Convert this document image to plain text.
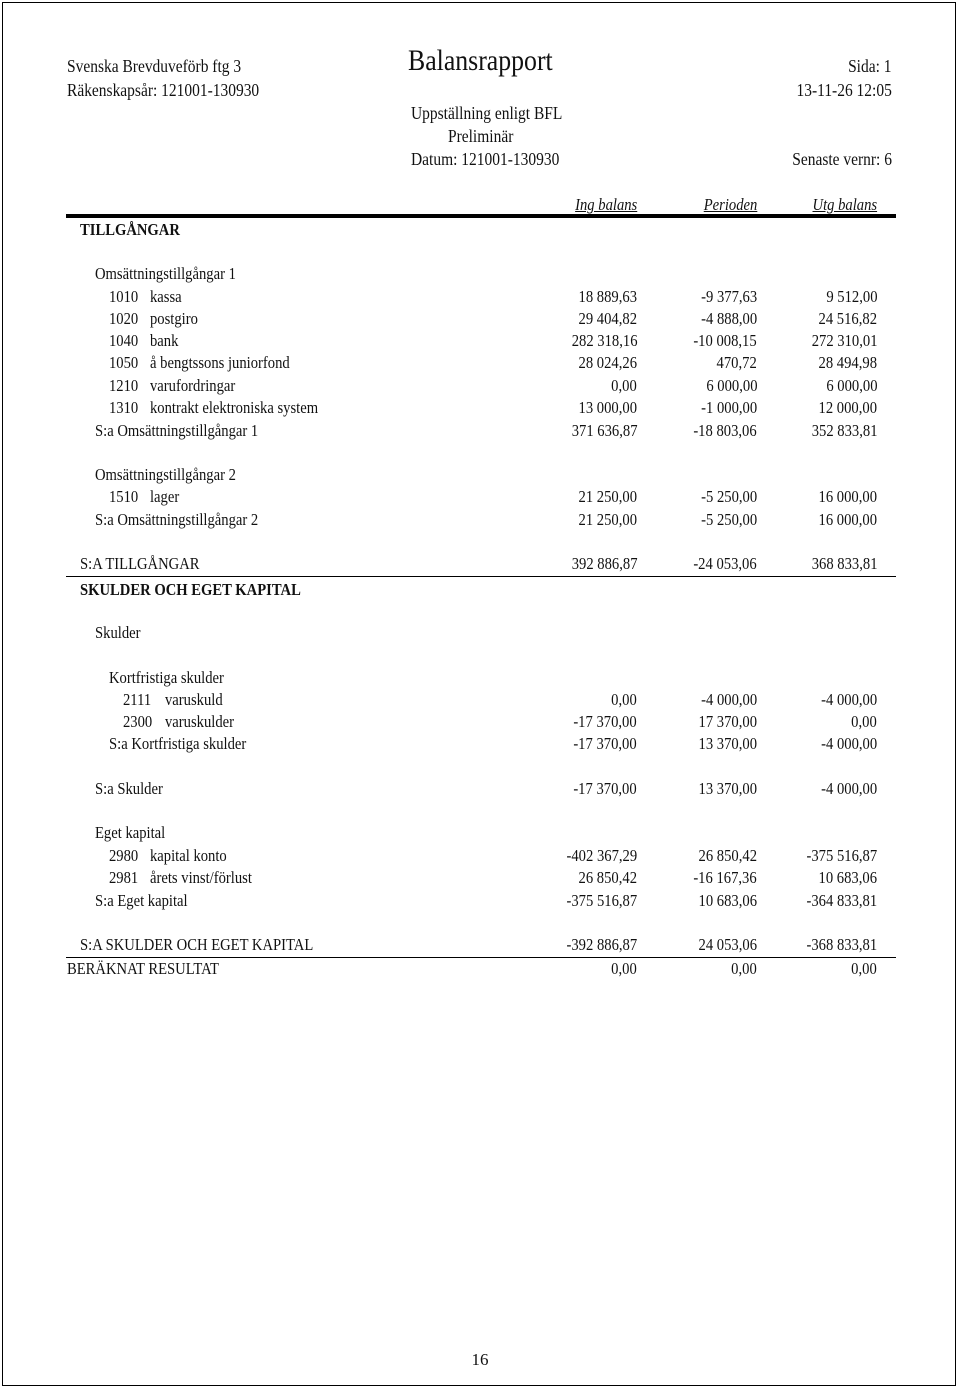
Svenska Brevduveförb ftg 3
Räkenskapsår: 121001-130930
Balansrapport
Uppställning enligt BFL
Preliminär
Datum: 121001-130930
Sida: 1
13-11-26 12:05
Senaste vernr: 6
Ing balans	Perioden	Utg balans
TILLGÅNGAR
Omsättningstillgångar 1
1010 kassa	18 889,63	-9 377,63	9 512,00
1020 postgiro	29 404,82	-4 888,00	24 516,82
1040 bank	282 318,16	-10 008,15	272 310,01
1050 å bengtssons juniorfond	28 024,26	470,72	28 494,98
1210 varufordringar	0,00	6 000,00	6 000,00
1310 kontrakt elektroniska system	13 000,00	-1 000,00	12 000,00
S:a Omsättningstillgångar 1	371 636,87	-18 803,06	352 833,81
Omsättningstillgångar 2
1510 lager	21 250,00	-5 250,00	16 000,00
S:a Omsättningstillgångar 2	21 250,00	-5 250,00	16 000,00
S:A TILLGÅNGAR	392 886,87	-24 053,06	368 833,81
SKULDER OCH EGET KAPITAL
Skulder
Kortfristiga skulder
2111 varuskuld	0,00	-4 000,00	-4 000,00
2300 varuskulder	-17 370,00	17 370,00	0,00
S:a Kortfristiga skulder	-17 370,00	13 370,00	-4 000,00
S:a Skulder	-17 370,00	13 370,00	-4 000,00
Eget kapital
2980 kapital konto	-402 367,29	26 850,42	-375 516,87
2981 årets vinst/förlust	26 850,42	-16 167,36	10 683,06
S:a Eget kapital	-375 516,87	10 683,06	-364 833,81
S:A SKULDER OCH EGET KAPITAL	-392 886,87	24 053,06	-368 833,81
BERÄKNAT RESULTAT	0,00	0,00	0,00
16
